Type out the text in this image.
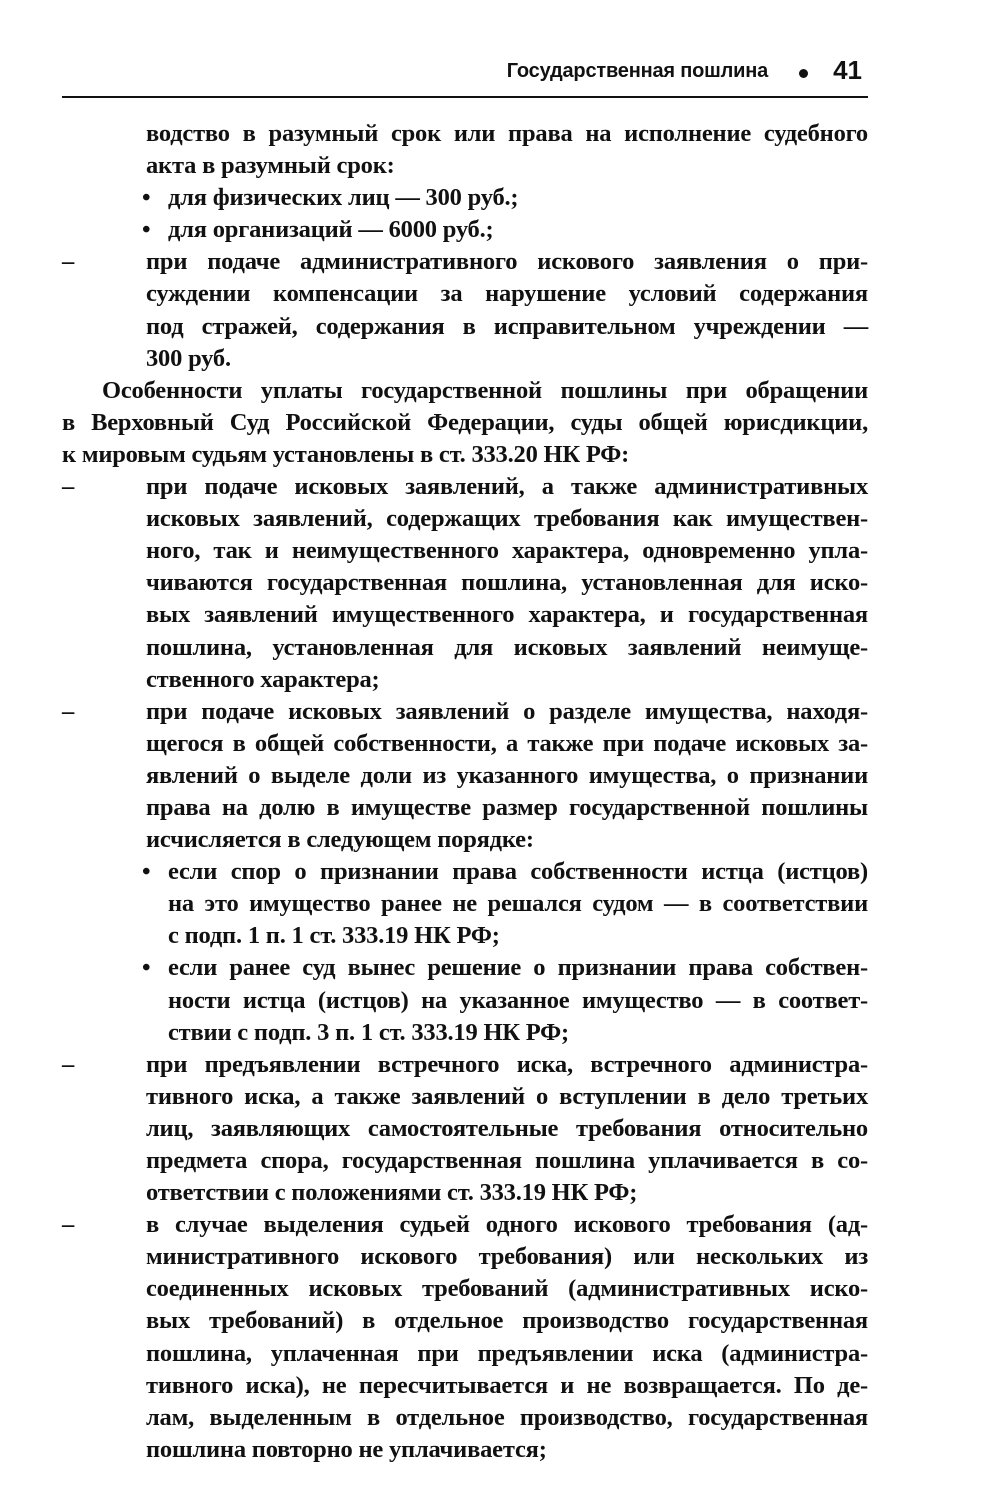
Государственная пошлина	41
водство в разумный срок или права на исполнение судебного
акта в разумный срок:
• для физических лиц — 300 руб.;
• для организаций — 6000 руб.;
–	при подаче административного искового заявления о при-
суждении компенсации за нарушение условий содержания
под стражей, содержания в исправительном учреждении —
300 руб.
Особенности уплаты государственной пошлины при обращении
в Верховный Суд Российской Федерации, суды общей юрисдикции,
к мировым судьям установлены в ст. 333.20 НК РФ:
–	при подаче исковых заявлений, а также административных
исковых заявлений, содержащих требования как имуществен-
ного, так и неимущественного характера, одновременно упла-
чиваются государственная пошлина, установленная для иско-
вых заявлений имущественного характера, и государственная
пошлина, установленная для исковых заявлений неимуще-
ственного характера;
–	при подаче исковых заявлений о разделе имущества, находя-
щегося в общей собственности, а также при подаче исковых за-
явлений о выделе доли из указанного имущества, о признании
права на долю в имуществе размер государственной пошлины
исчисляется в следующем порядке:
• если спор о признании права собственности истца (истцов)
на это имущество ранее не решался судом — в соответствии
с подп. 1 п. 1 ст. 333.19 НК РФ;
• если ранее суд вынес решение о признании права собствен-
ности истца (истцов) на указанное имущество — в соответ-
ствии с подп. 3 п. 1 ст. 333.19 НК РФ;
–	при предъявлении встречного иска, встречного администра-
тивного иска, а также заявлений о вступлении в дело третьих
лиц, заявляющих самостоятельные требования относительно
предмета спора, государственная пошлина уплачивается в со-
ответствии с положениями ст. 333.19 НК РФ;
–	в случае выделения судьей одного искового требования (ад-
министративного искового требования) или нескольких из
соединенных исковых требований (административных иско-
вых требований) в отдельное производство государственная
пошлина, уплаченная при предъявлении иска (администра-
тивного иска), не пересчитывается и не возвращается. По де-
лам, выделенным в отдельное производство, государственная
пошлина повторно не уплачивается;
